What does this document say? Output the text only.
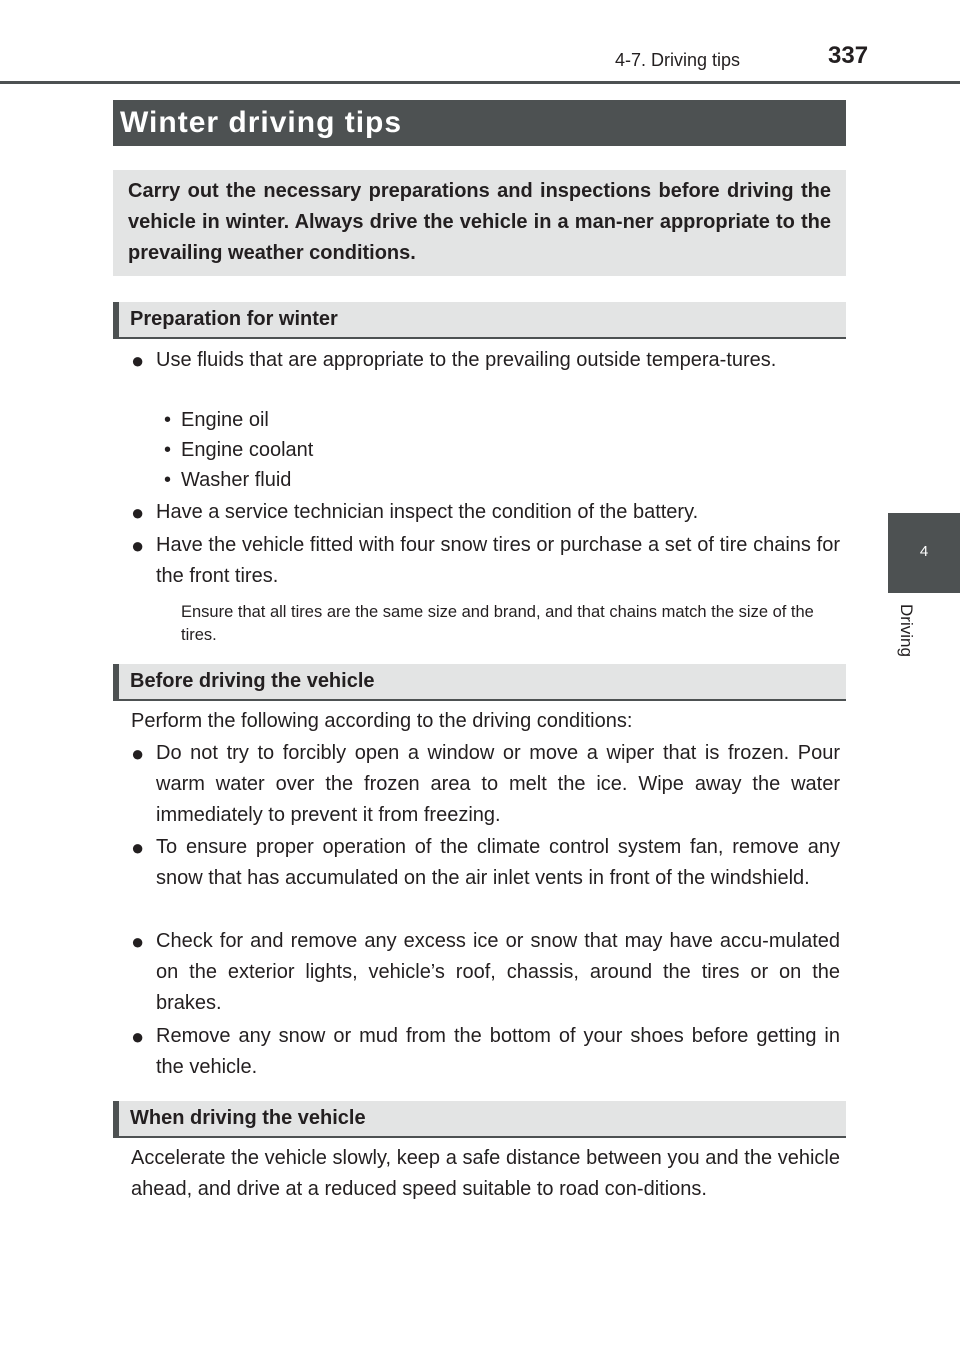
337
4-7. Driving tips
4
Driving
Winter driving tips
Carry out the necessary preparations and inspections before driving the vehicle in winter. Always drive the vehicle in a man-ner appropriate to the prevailing weather conditions.
Preparation for winter
● Use fluids that are appropriate to the prevailing outside tempera-tures.
• Engine oil
• Engine coolant
• Washer fluid
● Have a service technician inspect the condition of the battery.
● Have the vehicle fitted with four snow tires or purchase a set of tire chains for the front tires.
Ensure that all tires are the same size and brand, and that chains match the size of the tires.
Before driving the vehicle
Perform the following according to the driving conditions:
● Do not try to forcibly open a window or move a wiper that is frozen. Pour warm water over the frozen area to melt the ice. Wipe away the water immediately to prevent it from freezing.
● To ensure proper operation of the climate control system fan, remove any snow that has accumulated on the air inlet vents in front of the windshield.
● Check for and remove any excess ice or snow that may have accu-mulated on the exterior lights, vehicle’s roof, chassis, around the tires or on the brakes.
● Remove any snow or mud from the bottom of your shoes before getting in the vehicle.
When driving the vehicle
Accelerate the vehicle slowly, keep a safe distance between you and the vehicle ahead, and drive at a reduced speed suitable to road con-ditions.
